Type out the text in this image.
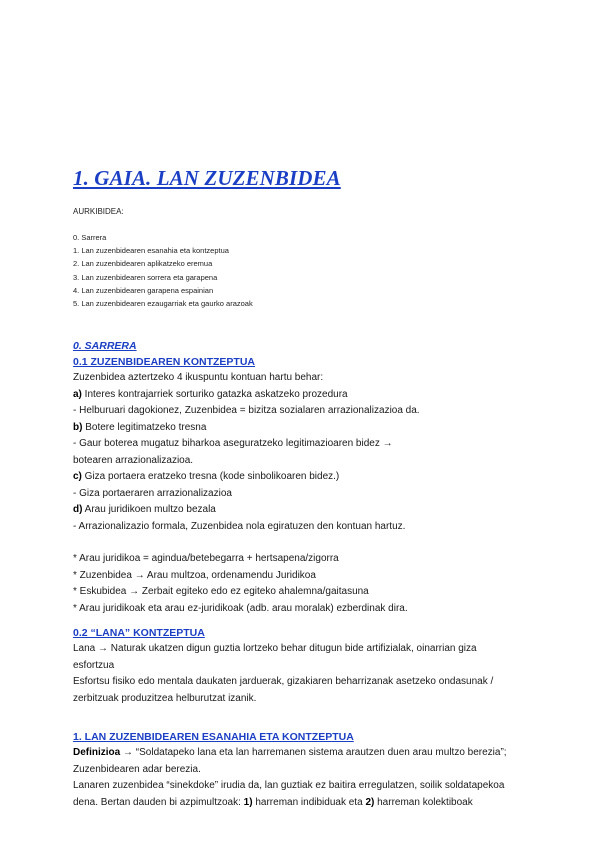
1. GAIA. LAN ZUZENBIDEA
AURKIBIDEA:
0. Sarrera
1. Lan zuzenbidearen esanahia eta kontzeptua
2. Lan zuzenbidearen aplikatzeko eremua
3. Lan zuzenbidearen sorrera eta garapena
4. Lan zuzenbidearen garapena espainian
5. Lan zuzenbidearen ezaugarriak eta gaurko arazoak
0. SARRERA
0.1 ZUZENBIDEAREN KONTZEPTUA
Zuzenbidea aztertzeko 4 ikuspuntu kontuan hartu behar:
a) Interes kontrajarriek sorturiko gatazka askatzeko prozedura
- Helburuari dagokionez, Zuzenbidea = bizitza sozialaren arrazionalizazioa da.
b) Botere legitimatzeko tresna
- Gaur boterea mugatuz biharkoa aseguratzeko legitimazioaren bidez →
botearen arrazionalizazioa.
c) Giza portaera eratzeko tresna (kode sinbolikoaren bidez.)
- Giza portaeraren arrazionalizazioa
d) Arau juridikoen multzo bezala
- Arrazionalizazio formala, Zuzenbidea nola egiratuzen den kontuan hartuz.
* Arau juridikoa = agindua/betebegarra + hertsapena/zigorra
* Zuzenbidea → Arau multzoa, ordenamendu Juridikoa
* Eskubidea → Zerbait egiteko edo ez egiteko ahalemna/gaitasuna
* Arau juridikoak eta arau ez-juridikoak (adb. arau moralak) ezberdinak dira.
0.2 “LANA” KONTZEPTUA
Lana → Naturak ukatzen digun guztia lortzeko behar ditugun bide artifizialak, oinarrian giza
esfortzua
Esfortsu fisiko edo mentala daukaten jarduerak, gizakiaren beharrizanak asetzeko ondasunak /
zerbitzuak produzitzea helburutzat izanik.
1. LAN ZUZENBIDEAREN ESANAHIA ETA KONTZEPTUA
Definizioa → “Soldatapeko lana eta lan harremanen sistema arautzen duen arau multzo berezia”;
Zuzenbidearen adar berezia.
Lanaren zuzenbidea “sinekdoke” irudia da, lan guztiak ez baitira erregulatzen, soilik soldatapekoa
dena. Bertan dauden bi azpimultzoak: 1) harreman indibiduak eta 2) harreman kolektiboak
